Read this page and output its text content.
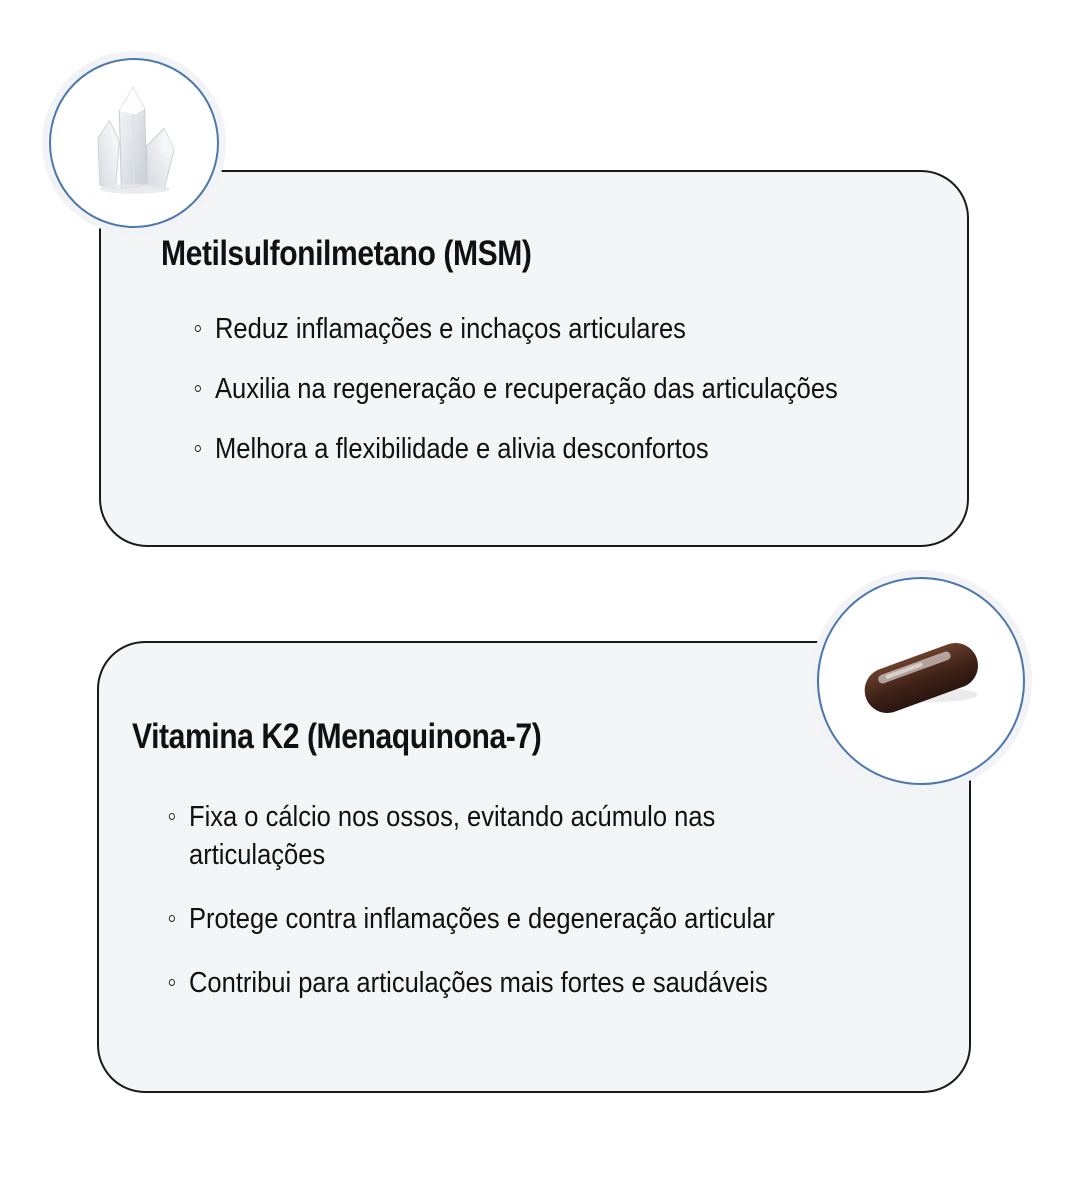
Metilsulfonilmetano (MSM)
Reduz inflamações e inchaços articulares
Auxilia na regeneração e recuperação das articulações
Melhora a flexibilidade e alivia desconfortos
Vitamina K2 (Menaquinona-7)
Fixa o cálcio nos ossos, evitando acúmulo nas articulações
Protege contra inflamações e degeneração articular
Contribui para articulações mais fortes e saudáveis
